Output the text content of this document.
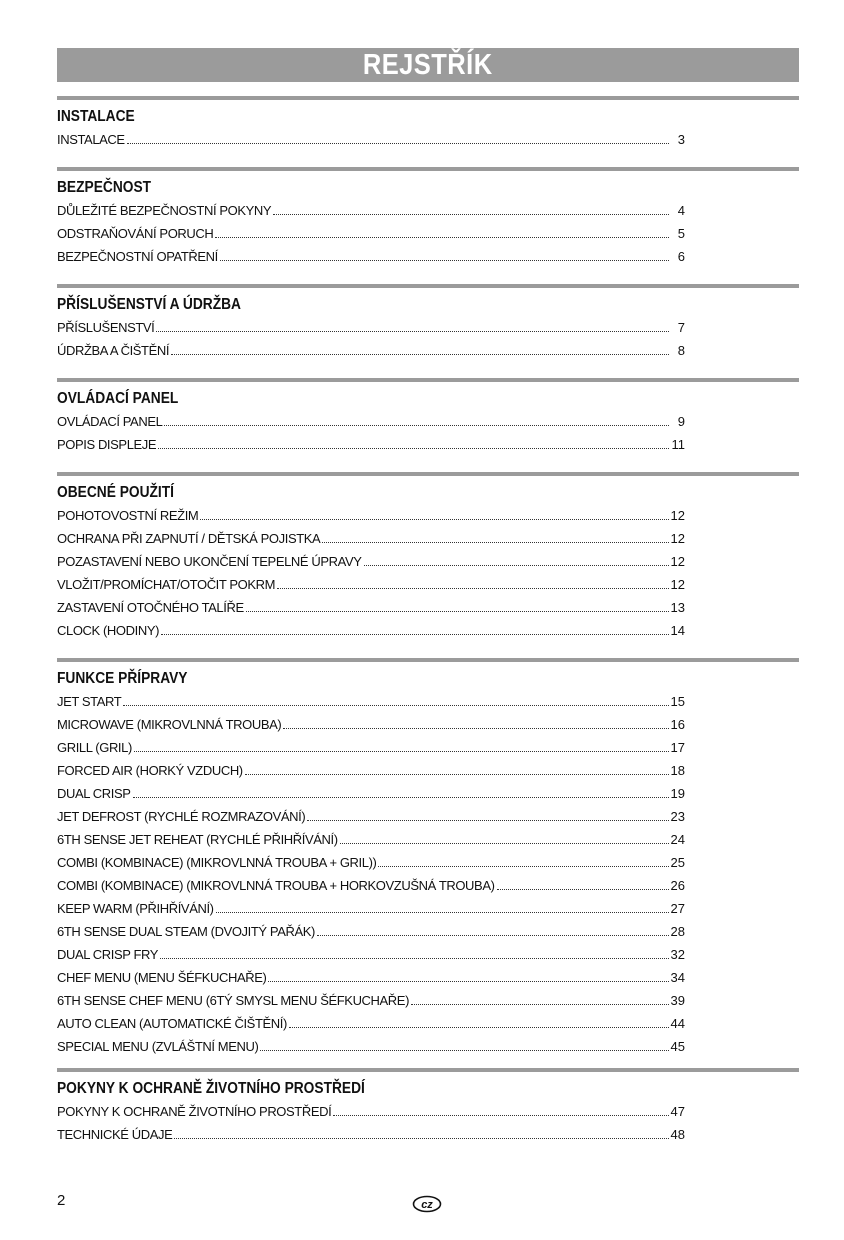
REJSTŘÍK
INSTALACE
INSTALACE	3
BEZPEČNOST
DŮLEŽITÉ BEZPEČNOSTNÍ POKYNY	4
ODSTRAŇOVÁNÍ PORUCH	5
BEZPEČNOSTNÍ OPATŘENÍ	6
PŘÍSLUŠENSTVÍ A ÚDRŽBA
PŘÍSLUŠENSTVÍ	7
ÚDRŽBA A ČIŠTĚNÍ	8
OVLÁDACÍ PANEL
OVLÁDACÍ PANEL	9
POPIS DISPLEJE	11
OBECNÉ POUŽITÍ
POHOTOVOSTNÍ REŽIM	12
OCHRANA PŘI ZAPNUTÍ / DĚTSKÁ POJISTKA	12
POZASTAVENÍ NEBO UKONČENÍ TEPELNÉ ÚPRAVY	12
VLOŽIT/PROMÍCHAT/OTOČIT POKRM	12
ZASTAVENÍ OTOČNÉHO TALÍŘE	13
CLOCK (HODINY)	14
FUNKCE PŘÍPRAVY
JET START	15
MICROWAVE (MIKROVLNNÁ TROUBA)	16
GRILL (GRIL)	17
FORCED AIR (HORKÝ VZDUCH)	18
DUAL CRISP	19
JET DEFROST (RYCHLÉ ROZMRAZOVÁNÍ)	23
6TH SENSE JET REHEAT (RYCHLÉ PŘIHŘÍVÁNÍ)	24
COMBI (KOMBINACE) (MIKROVLNNÁ TROUBA + GRIL))	25
COMBI (KOMBINACE) (MIKROVLNNÁ TROUBA + HORKOVZUŠNÁ TROUBA)	26
KEEP WARM (PŘIHŘÍVÁNÍ)	27
6TH SENSE DUAL STEAM (DVOJITÝ PAŘÁK)	28
DUAL CRISP FRY	32
CHEF MENU (MENU ŠÉFKUCHAŘE)	34
6TH SENSE CHEF MENU (6TÝ SMYSL MENU ŠÉFKUCHAŘE)	39
AUTO CLEAN (AUTOMATICKÉ ČIŠTĚNÍ)	44
SPECIAL MENU (ZVLÁŠTNÍ MENU)	45
POKYNY K OCHRANĚ ŽIVOTNÍHO PROSTŘEDÍ
POKYNY K OCHRANĚ ŽIVOTNÍHO PROSTŘEDÍ	47
TECHNICKÉ ÚDAJE	48
2	cz
